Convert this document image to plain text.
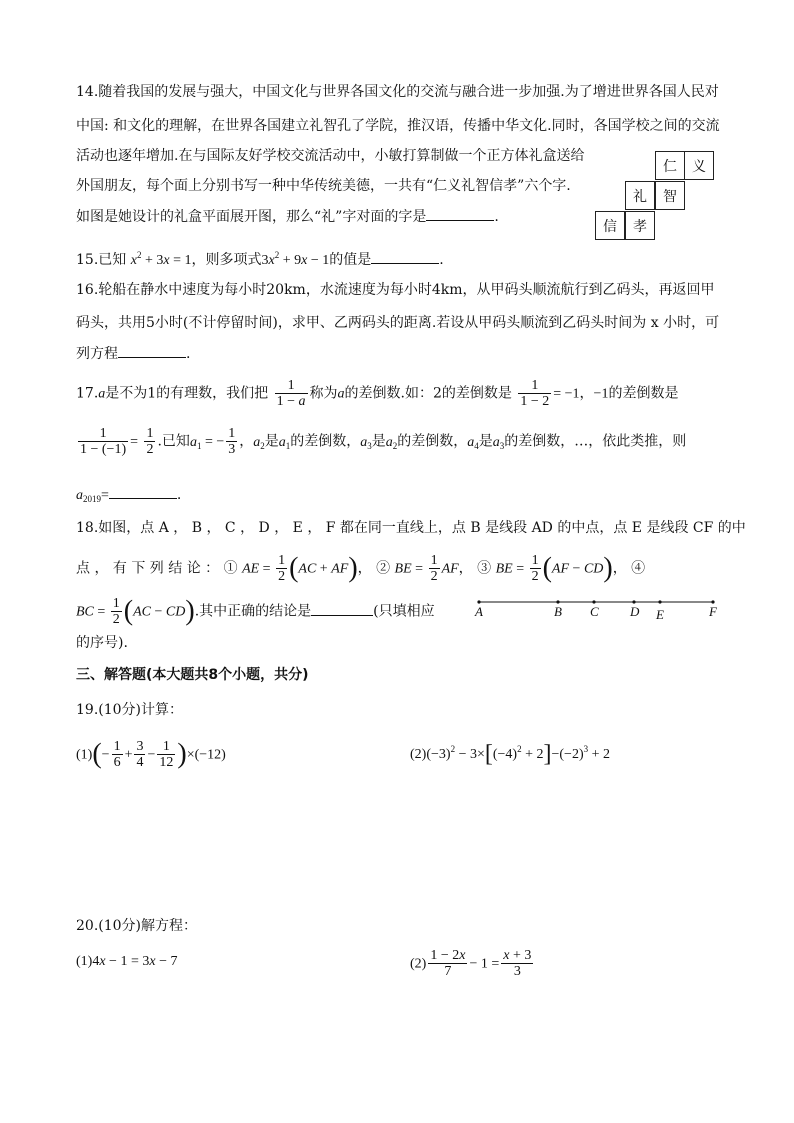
14.随着我国的发展与强大，中国文化与世界各国文化的交流与融合进一步加强.为了增进世界各国人民对
中国: 和文化的理解，在世界各国建立礼智孔了学院，推汉语，传播中华文化.同时，各国学校之间的交流
活动也逐年增加.在与国际友好学校交流活动中，小敏打算制做一个正方体礼盒送给
外国朋友，每个面上分别书写一种中华传统美德，一共有“仁义礼智信孝”六个字.
如图是她设计的礼盒平面展开图，那么“礼”字对面的字是	.
仁	义
礼	智
信	孝
15.已知 $x^2 + 3x = 1$，则多项式$3x^2 + 9x - 1$的值是	.
16.轮船在静水中速度为每小时20km，水流速度为每小时4km，从甲码头顺流航行到乙码头，再返回甲
码头，共用5小时(不计停留时间)，求甲、乙两码头的距离.若设从甲码头顺流到乙码头时间为 x 小时，可
列方程	.
17.a是不为1的有理数，我们把 $\frac{1}{1 - a}$ 称为a的差倒数.如：2的差倒数是 $\frac{1}{1 - 2} = -1$，−1的差倒数是
$\frac{1}{1 - (-1)} = \frac{1}{2}$ .已知$a_1$ = − $\frac{1}{3}$ ，$a_2$是$a_1$的差倒数，$a_3$是$a_2$的差倒数，$a_4$是$a_3$的差倒数，…，依此类推，则
$a_{2019}=$	.
18.如图，点 A ， B ， C ， D ， E ， F 都在同一直线上，点 B 是线段 AD 的中点，点 E 是线段 CF 的中
点 ， 有 下 列 结 论 ： ① AE = $\frac{1}{2} (AC + AF)$， ② BE = $\frac{1}{2}$ AF， ③ BE = $\frac{1}{2} (AF - CD)$， ④
BC = $\frac{1}{2} (AC - CD)$.其中正确的结论是	(只填相应
的序号).
A	B C D E	F
三、解答题(本大题共8个小题，共分)
19.(10分)计算：
$(1)(- \frac{1}{6} + \frac{3}{4} - \frac{1}{12} )\times(-12)$	$(2)(-3)^2 - 3\times[(-4)^2 + 2]-(-2)^3 + 2$
20.(10分)解方程：
(1)4x − 1 = 3x − 7	$(2) \frac{1 - 2x}{7} - 1 = \frac{x + 3}{3}$
